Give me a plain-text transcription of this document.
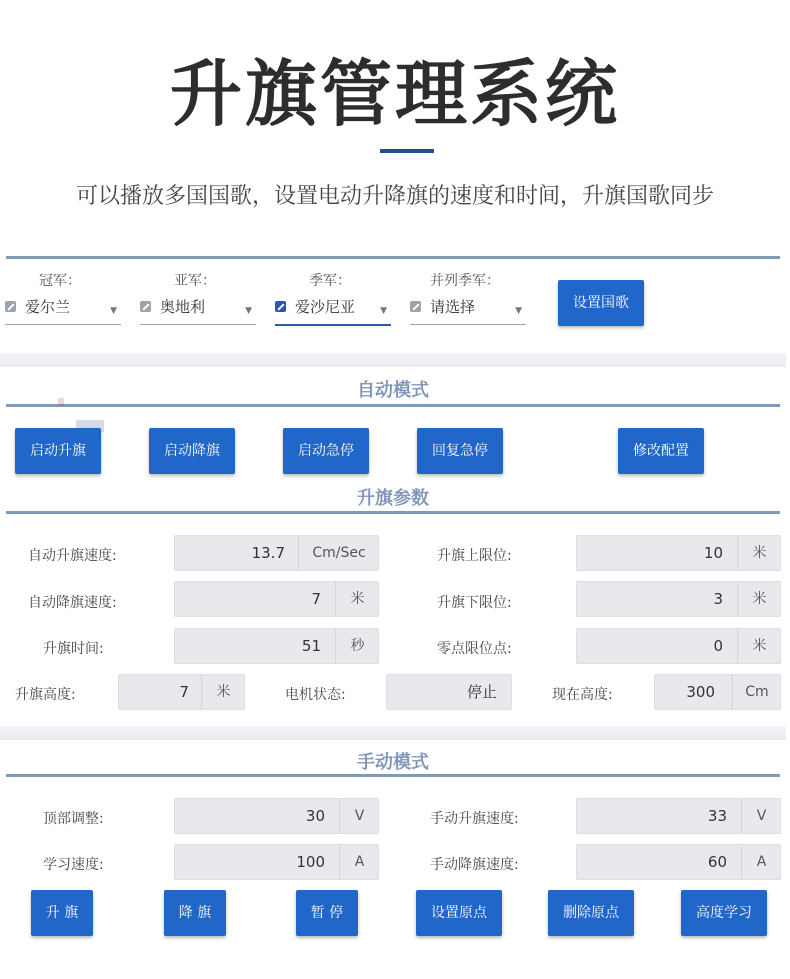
升旗管理系统
可以播放多国国歌，设置电动升降旗的速度和时间，升旗国歌同步
冠军：
爱尔兰	▼
亚军：
奥地利	▼
季军：
爱沙尼亚	▼
并列季军：
请选择	▼	设置国歌
自动模式
启动升旗	启动降旗	启动急停	回复急停	修改配置
升旗参数
自动升旗速度:	13.7	Cm/Sec	升旗上限位:	10	米
自动降旗速度:	7	米	升旗下限位:	3	米
升旗时间:	51	秒	零点限位点:	0	米
升旗高度:	7	米	电机状态:	停止	现在高度:	300	Cm
手动模式
顶部调整:	30	V	手动升旗速度:	33	V
学习速度:	100	A	手动降旗速度:	60	A
升 旗	降 旗	暂 停	设置原点	删除原点	高度学习
